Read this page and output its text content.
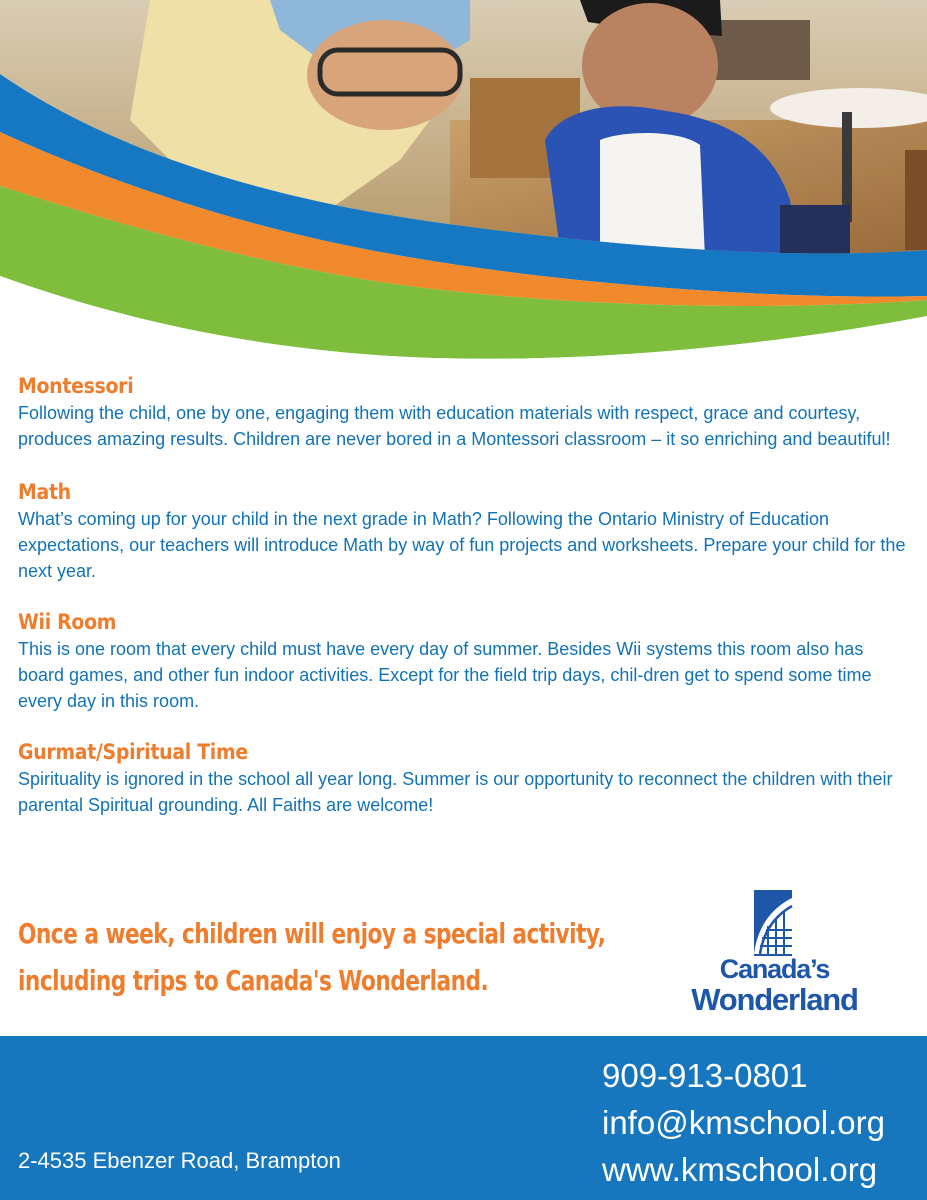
Montessori

Following the child, one by one, engaging them with education materials with respect, grace and courtesy, produces amazing results. Children are never bored in a Montessori classroom – it so enriching and beautiful!

Math

What’s coming up for your child in the next grade in Math? Following the Ontario Ministry of Education expectations, our teachers will introduce Math by way of fun projects and worksheets. Prepare your child for the next year.

Wii Room

This is one room that every child must have every day of summer. Besides Wii systems this room also has board games, and other fun indoor activities. Except for the field trip days, chil-dren get to spend some time every day in this room.

Gurmat/Spiritual Time

Spirituality is ignored in the school all year long. Summer is our opportunity to reconnect the children with their parental Spiritual grounding. All Faiths are welcome!

Once a week, children will enjoy a special activity,
including trips to Canada's Wonderland.	Canada’s
Wonderland
2-4535 Ebenzer Road, Brampton
909-913-0801
info@kmschool.org
www.kmschool.org
